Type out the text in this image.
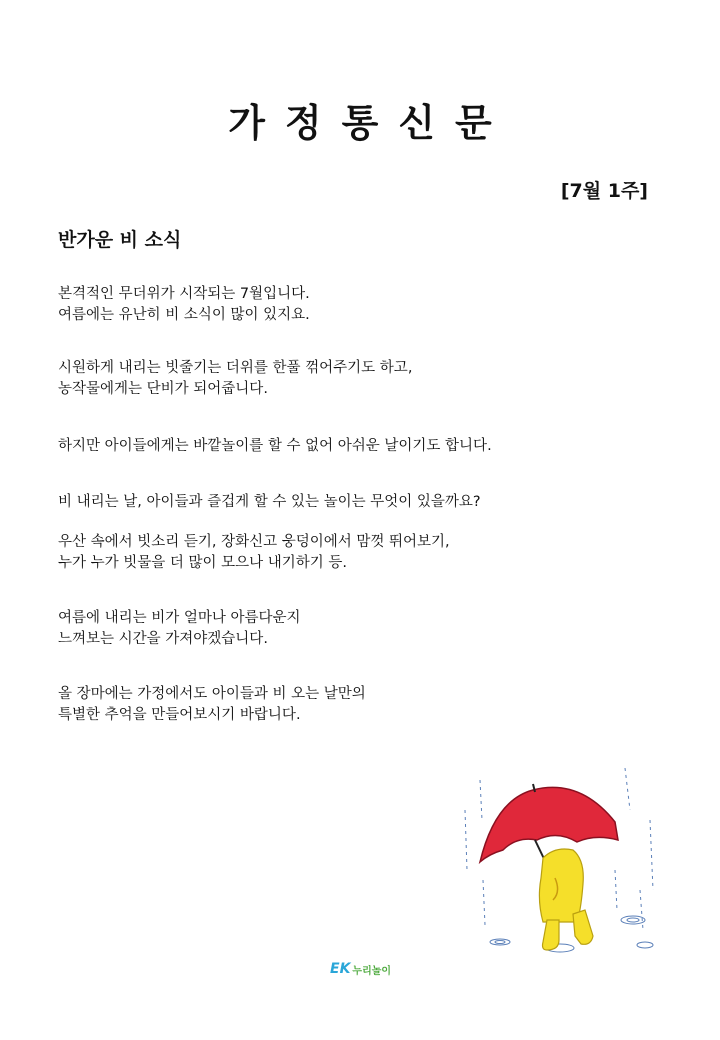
가정통신문
[7월 1주]
반가운 비 소식
본격적인 무더위가 시작되는 7월입니다.
여름에는 유난히 비 소식이 많이 있지요.
시원하게 내리는 빗줄기는 더위를 한풀 꺾어주기도 하고,
농작물에게는 단비가 되어줍니다.
하지만 아이들에게는 바깥놀이를 할 수 없어 아쉬운 날이기도 합니다.
비 내리는 날, 아이들과 즐겁게 할 수 있는 놀이는 무엇이 있을까요?
우산 속에서 빗소리 듣기, 장화신고 웅덩이에서 맘껏 뛰어보기,
누가 누가 빗물을 더 많이 모으나 내기하기 등.
여름에 내리는 비가 얼마나 아름다운지
느껴보는 시간을 가져야겠습니다.
올 장마에는 가정에서도 아이들과 비 오는 날만의
특별한 추억을 만들어보시기 바랍니다.
EK 누리놀이
